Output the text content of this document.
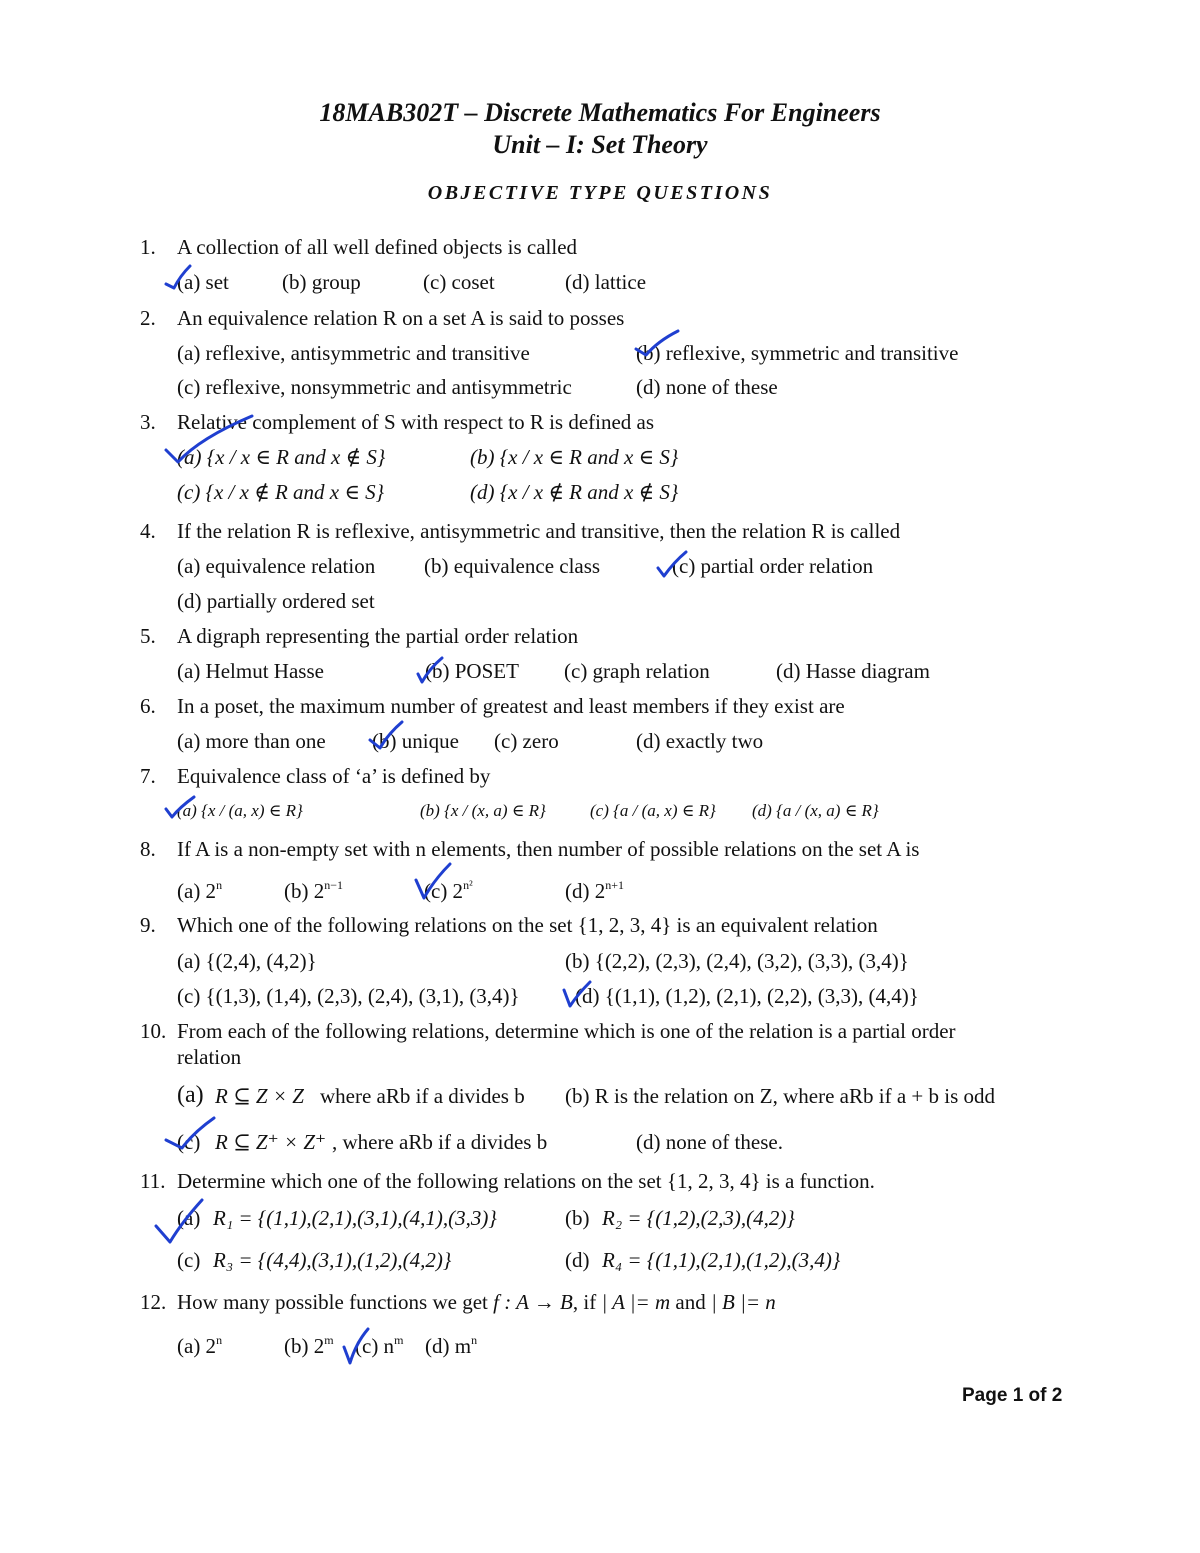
18MAB302T – Discrete Mathematics For Engineers
Unit – I: Set Theory
OBJECTIVE TYPE QUESTIONS
1. A collection of all well defined objects is called
(a) set	(b) group	(c) coset	(d) lattice
2. An equivalence relation R on a set A is said to posses
(a) reflexive, antisymmetric and transitive	(b) reflexive, symmetric and transitive
(c) reflexive, nonsymmetric and antisymmetric	(d) none of these
3. Relative complement of S with respect to R is defined as
(a) {x / x ∈ R and x ∉ S}	(b) {x / x ∈ R and x ∈ S}
(c) {x / x ∉ R and x ∈ S}	(d) {x / x ∉ R and x ∉ S}
4. If the relation R is reflexive, antisymmetric and transitive, then the relation R is called
(a) equivalence relation (b) equivalence class	(c) partial order relation
(d) partially ordered set
5. A digraph representing the partial order relation
(a) Helmut Hasse	(b) POSET (c) graph relation	(d) Hasse diagram
6. In a poset, the maximum number of greatest and least members if they exist are
(a) more than one (b) unique (c) zero	(d) exactly two
7. Equivalence class of ‘a’ is defined by
(a) {x / (a, x) ∈ R}	(b) {x / (x, a) ∈ R}	(c) {a / (a, x) ∈ R} (d) {a / (x, a) ∈ R}
8. If A is a non-empty set with n elements, then number of possible relations on the set A is
(a) 2$^n$	(b) $2^{n-1}$	(c) $2^{n^2}$	(d) $2^{n+1}$
9. Which one of the following relations on the set {1, 2, 3, 4} is an equivalent relation
(a) {(2,4), (4,2)}	(b) {(2,2), (2,3), (2,4), (3,2), (3,3), (3,4)}
(c) {(1,3), (1,4), (2,3), (2,4), (3,1), (3,4)}	(d) {(1,1), (1,2), (2,1), (2,2), (3,3), (4,4)}
10. From each of the following relations, determine which is one of the relation is a partial order
relation
(a) R ⊆ Z × Z where aRb if a divides b (b) R is the relation on Z, where aRb if a + b is odd
(c) R ⊆ Z⁺ × Z⁺ , where aRb if a divides b	(d) none of these.
11. Determine which one of the following relations on the set {1, 2, 3, 4} is a function.
(a) R₁ = {(1,1),(2,1),(3,1),(4,1),(3,3)}	(b) R₂ = {(1,2),(2,3),(4,2)}
(c) R₃ = {(4,4),(3,1),(1,2),(4,2)}	(d) R₄ = {(1,1),(2,1),(1,2),(3,4)}
12. How many possible functions we get f : A → B, if | A |= m and | B |= n
(a) 2$^n$	(b) 2$^m$ (c) $n^m$ (d) $m^n$
Page 1 of 2
